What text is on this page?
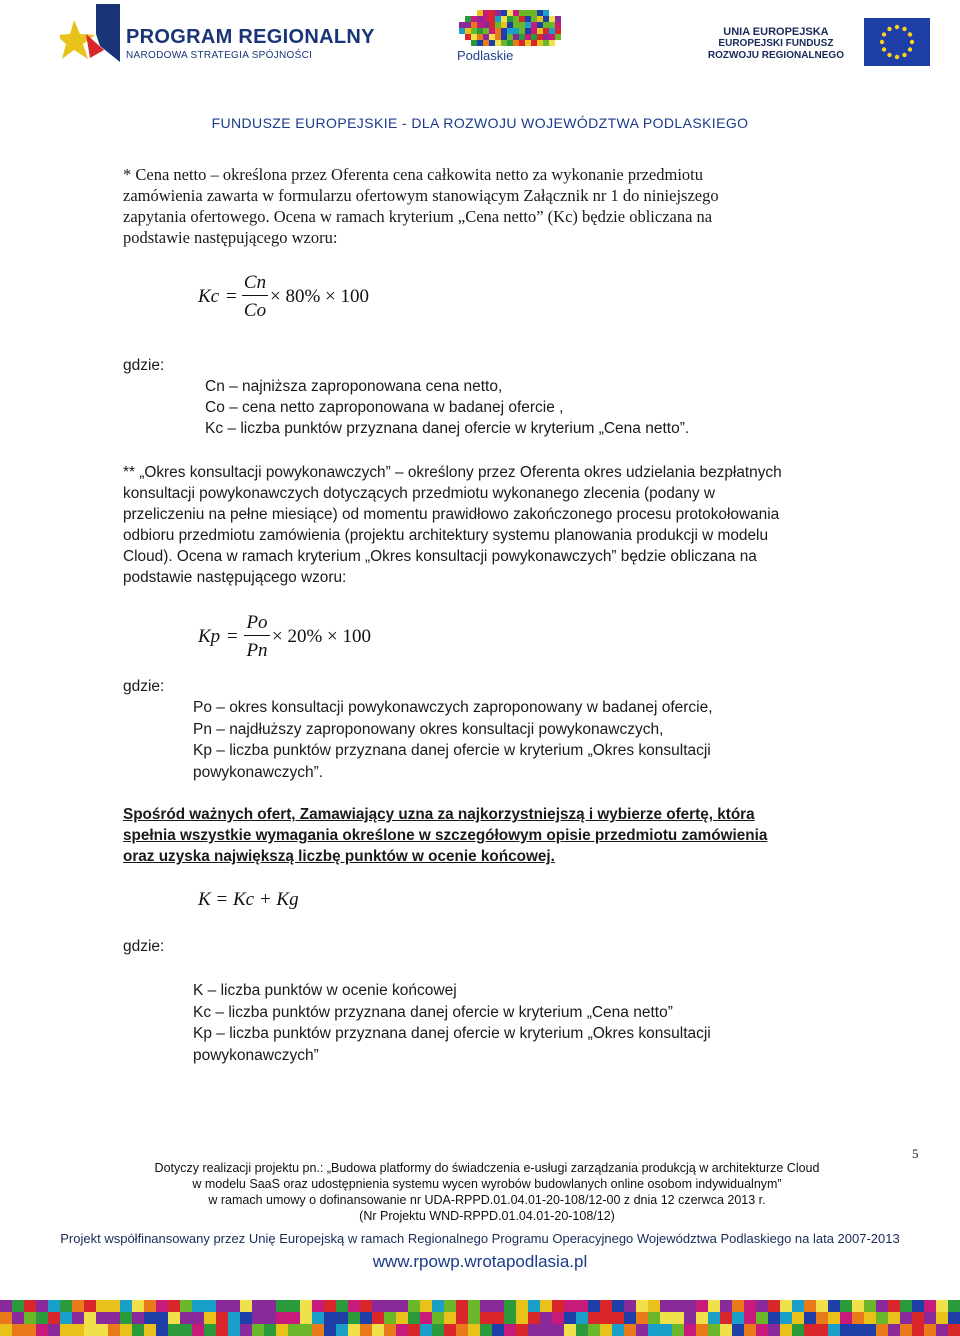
PROGRAM REGIONALNY
NARODOWA STRATEGIA SPÓJNOŚCI	Podlaskie
UNIA EUROPEJSKA
EUROPEJSKI FUNDUSZ
ROZWOJU REGIONALNEGO
FUNDUSZE EUROPEJSKIE - DLA ROZWOJU WOJEWÓDZTWA PODLASKIEGO
* Cena netto – określona przez Oferenta cena całkowita netto za wykonanie przedmiotu
zamówienia zawarta w formularzu ofertowym stanowiącym Załącznik nr 1 do niniejszego
zapytania ofertowego. Ocena w ramach kryterium „Cena netto” (Kc) będzie obliczana na
podstawie następującego wzoru:
Kc =
Cn
Co
× 80% × 100
gdzie:
Cn – najniższa zaproponowana cena netto,
Co – cena netto zaproponowana w badanej ofercie ,
Kc – liczba punktów przyznana danej ofercie w kryterium „Cena netto”.
** „Okres konsultacji powykonawczych” – określony przez Oferenta okres udzielania bezpłatnych
konsultacji powykonawczych dotyczących przedmiotu wykonanego zlecenia (podany w
przeliczeniu na pełne miesiące) od momentu prawidłowo zakończonego procesu protokołowania
odbioru przedmiotu zamówienia (projektu architektury systemu planowania produkcji w modelu
Cloud). Ocena w ramach kryterium „Okres konsultacji powykonawczych” będzie obliczana na
podstawie następującego wzoru:
Kp =
Po
Pn
× 20% × 100
gdzie:
Po – okres konsultacji powykonawczych zaproponowany w badanej ofercie,
Pn – najdłuższy zaproponowany okres konsultacji powykonawczych,
Kp – liczba punktów przyznana danej ofercie w kryterium „Okres konsultacji
powykonawczych”.
Spośród ważnych ofert, Zamawiający uzna za najkorzystniejszą i wybierze ofertę, która
spełnia wszystkie wymagania określone w szczegółowym opisie przedmiotu zamówienia
oraz uzyska największą liczbę punktów w ocenie końcowej.
K = Kc + Kg
gdzie:
K – liczba punktów w ocenie końcowej
Kc – liczba punktów przyznana danej ofercie w kryterium „Cena netto”
Kp – liczba punktów przyznana danej ofercie w kryterium „Okres konsultacji
powykonawczych”
5
Dotyczy realizacji projektu pn.: „Budowa platformy do świadczenia e-usługi zarządzania produkcją w architekturze Cloud
w modelu SaaS oraz udostępnienia systemu wycen wyrobów budowlanych online osobom indywidualnym”
w ramach umowy o dofinansowanie nr UDA-RPPD.01.04.01-20-108/12-00 z dnia 12 czerwca 2013 r.
(Nr Projektu WND-RPPD.01.04.01-20-108/12)
Projekt współfinansowany przez Unię Europejską w ramach Regionalnego Programu Operacyjnego Województwa Podlaskiego na lata 2007-2013
www.rpowp.wrotapodlasia.pl
